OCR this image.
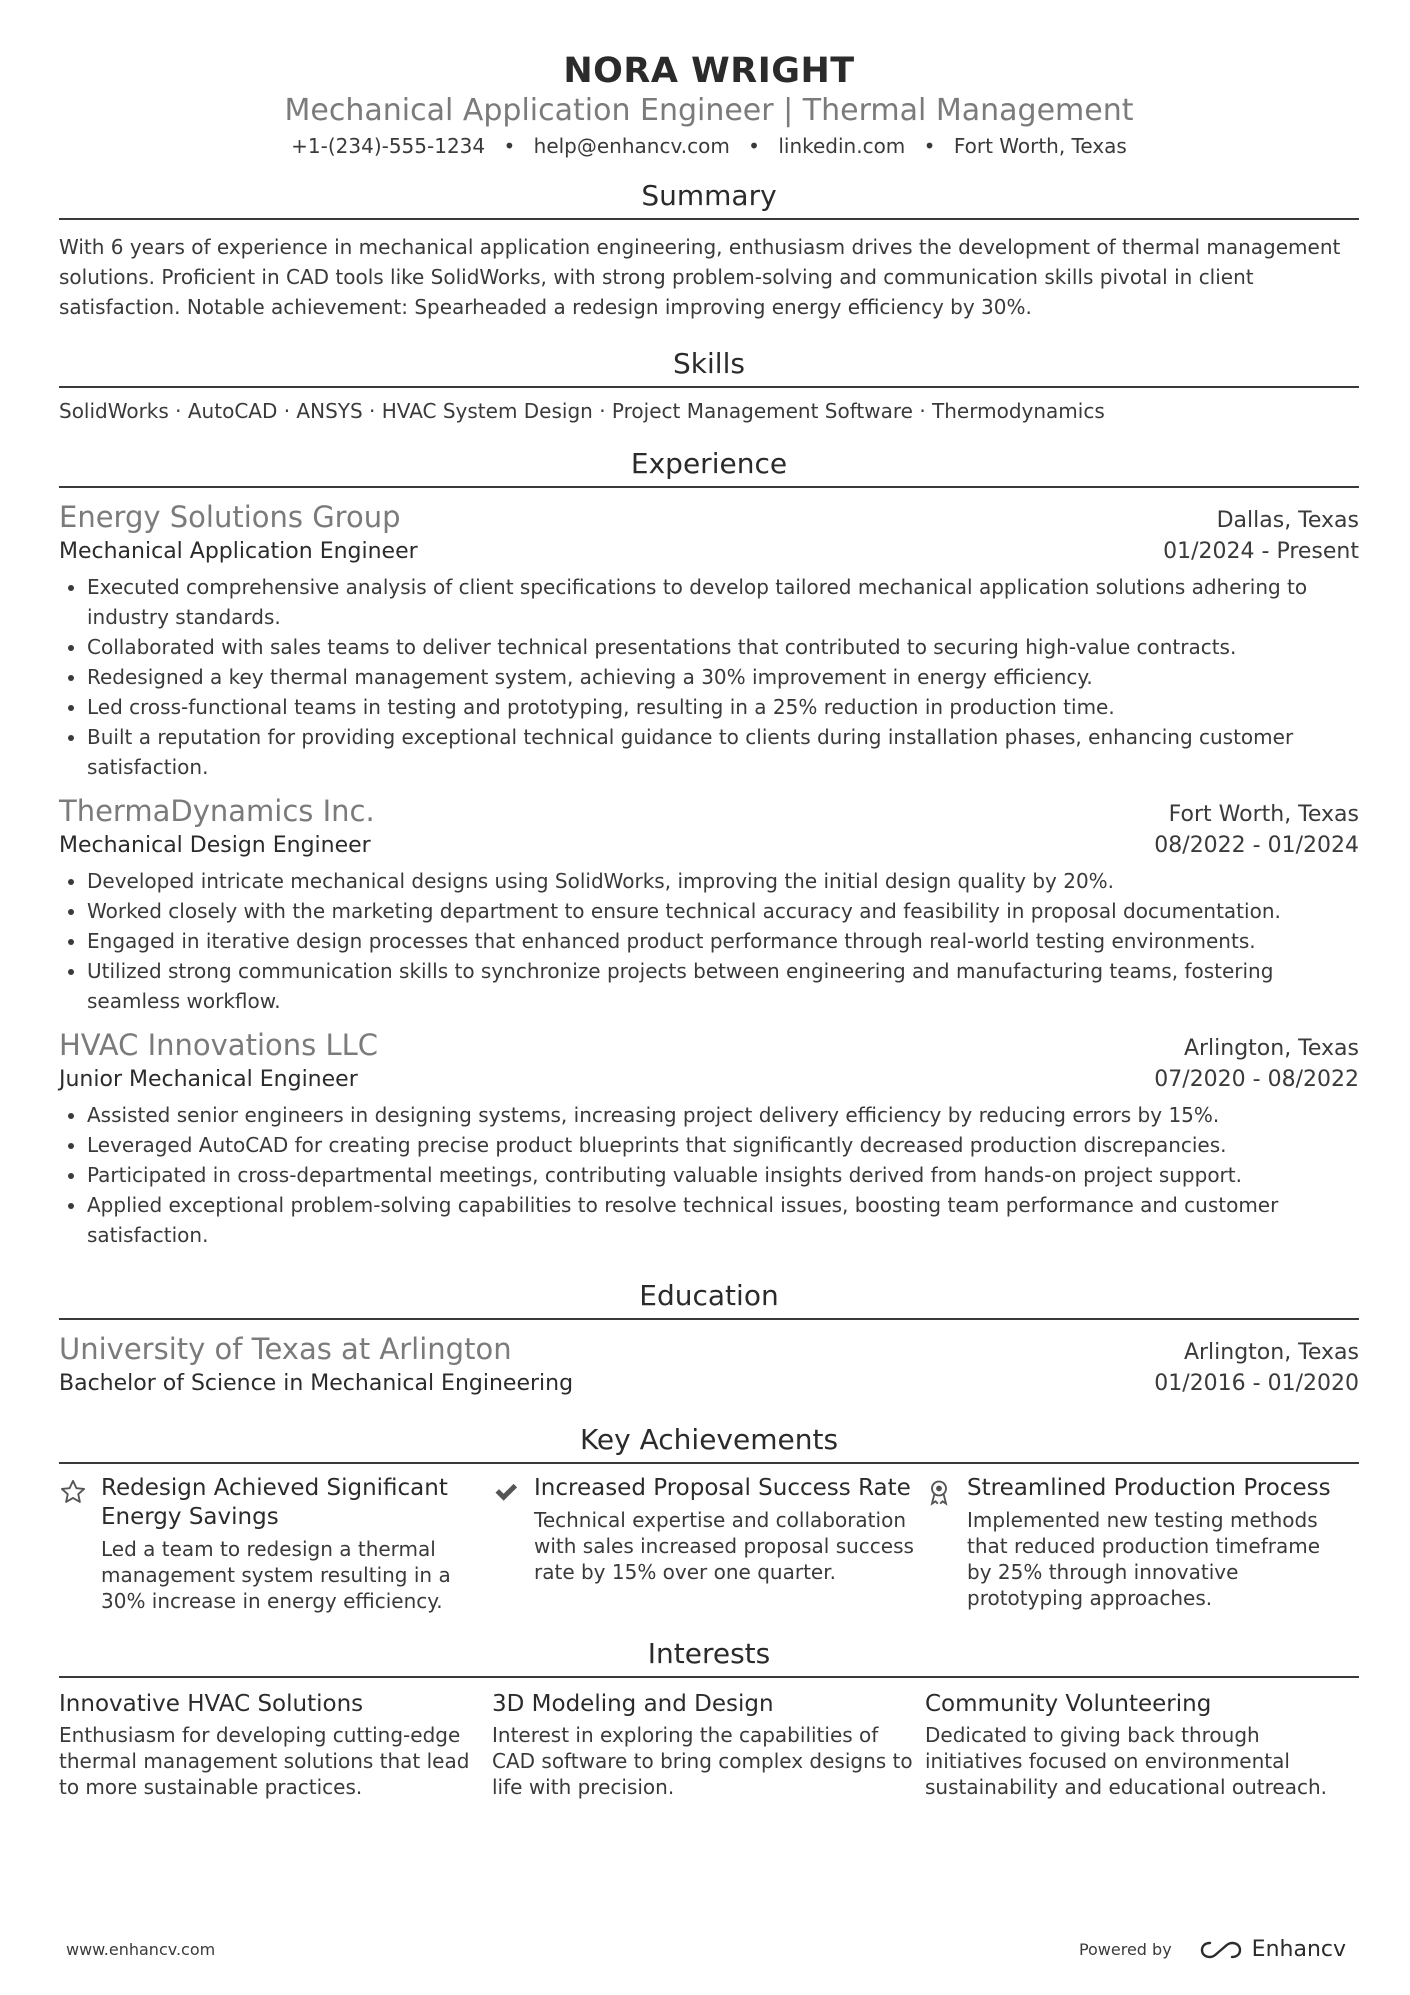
NORA WRIGHT
Mechanical Application Engineer | Thermal Management
+1-(234)-555-1234 • help@enhancv.com • linkedin.com • Fort Worth, Texas
Summary

With 6 years of experience in mechanical application engineering, enthusiasm drives the development of thermal management solutions. Proficient in CAD tools like SolidWorks, with strong problem-solving and communication skills pivotal in client satisfaction. Notable achievement: Spearheaded a redesign improving energy efficiency by 30%.

Skills

SolidWorks · AutoCAD · ANSYS · HVAC System Design · Project Management Software · Thermodynamics

Experience
Energy Solutions Group	Dallas, Texas
Mechanical Application Engineer	01/2024 - Present
• Executed comprehensive analysis of client specifications to develop tailored mechanical application solutions adhering to industry standards.
• Collaborated with sales teams to deliver technical presentations that contributed to securing high-value contracts.
• Redesigned a key thermal management system, achieving a 30% improvement in energy efficiency.
• Led cross-functional teams in testing and prototyping, resulting in a 25% reduction in production time.
• Built a reputation for providing exceptional technical guidance to clients during installation phases, enhancing customer satisfaction.
ThermaDynamics Inc.	Fort Worth, Texas
Mechanical Design Engineer	08/2022 - 01/2024
• Developed intricate mechanical designs using SolidWorks, improving the initial design quality by 20%.
• Worked closely with the marketing department to ensure technical accuracy and feasibility in proposal documentation.
• Engaged in iterative design processes that enhanced product performance through real-world testing environments.
• Utilized strong communication skills to synchronize projects between engineering and manufacturing teams, fostering seamless workflow.
HVAC Innovations LLC	Arlington, Texas
Junior Mechanical Engineer	07/2020 - 08/2022
• Assisted senior engineers in designing systems, increasing project delivery efficiency by reducing errors by 15%.
• Leveraged AutoCAD for creating precise product blueprints that significantly decreased production discrepancies.
• Participated in cross-departmental meetings, contributing valuable insights derived from hands-on project support.
• Applied exceptional problem-solving capabilities to resolve technical issues, boosting team performance and customer satisfaction.
Education
University of Texas at Arlington	Arlington, Texas
Bachelor of Science in Mechanical Engineering	01/2016 - 01/2020
Key Achievements
Redesign Achieved Significant Energy Savings
Led a team to redesign a thermal management system resulting in a 30% increase in energy efficiency.
Increased Proposal Success Rate
Technical expertise and collaboration with sales increased proposal success rate by 15% over one quarter.
Streamlined Production Process
Implemented new testing methods that reduced production timeframe by 25% through innovative prototyping approaches.
Interests
Innovative HVAC Solutions
Enthusiasm for developing cutting-edge thermal management solutions that lead to more sustainable practices.
3D Modeling and Design
Interest in exploring the capabilities of CAD software to bring complex designs to life with precision.
Community Volunteering
Dedicated to giving back through initiatives focused on environmental sustainability and educational outreach.
www.enhancv.com	Powered by	Enhancv
